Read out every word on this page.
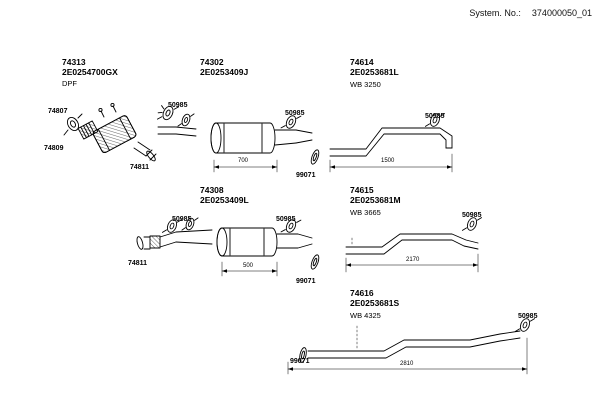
System. No.: 374000050_01
74313
2E0254700GX
DPF
74302
2E0253409J
74614
2E0253681L
WB 3250
74308
2E0253409L
74615
2E0253681M
WB 3665
74616
2E0253681S
WB 4325
74807
74809
74811
74811
50985
50985	50985
50985	50985
50985
50985
99071
99071
99071
700	1500
500
2170
2810
